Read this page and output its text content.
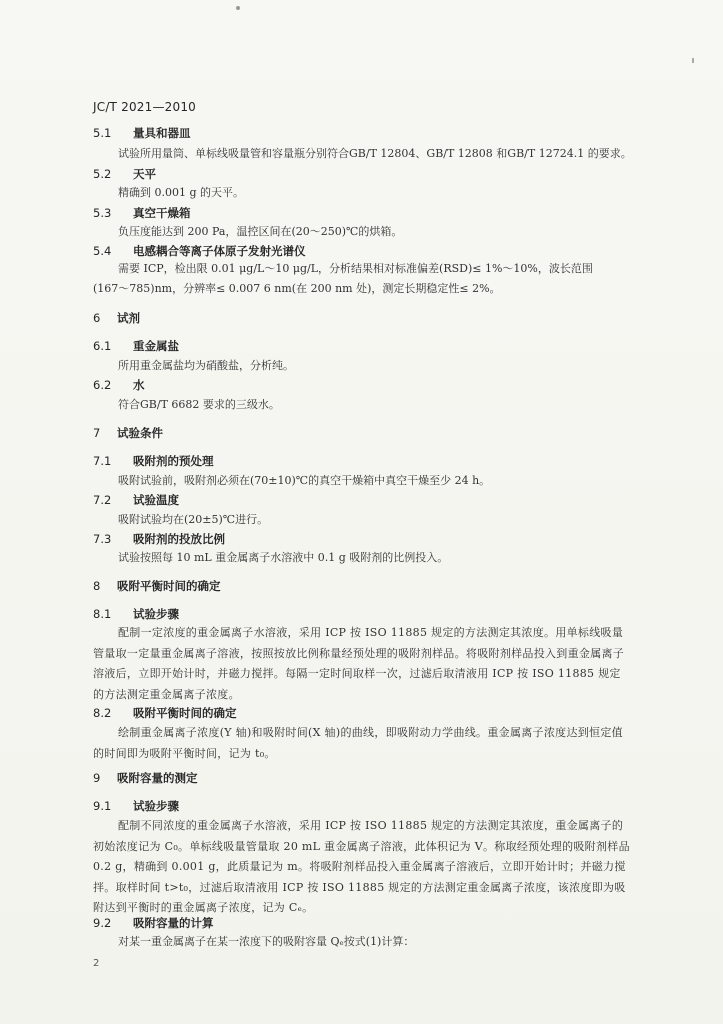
JC/T 2021—2010
5.1 量具和器皿
试验所用量筒、单标线吸量管和容量瓶分别符合GB/T 12804、GB/T 12808 和GB/T 12724.1 的要求。
5.2 天平
精确到 0.001 g 的天平。
5.3 真空干燥箱
负压度能达到 200 Pa，温控区间在(20～250)℃的烘箱。
5.4 电感耦合等离子体原子发射光谱仪
需要 ICP，检出限 0.01 μg/L～10 μg/L，分析结果相对标准偏差(RSD)≤ 1%～10%，波长范围
(167～785)nm，分辨率≤ 0.007 6 nm(在 200 nm 处)，测定长期稳定性≤ 2%。
6 试剂
6.1 重金属盐
所用重金属盐均为硝酸盐，分析纯。
6.2 水
符合GB/T 6682 要求的三级水。
7 试验条件
7.1 吸附剂的预处理
吸附试验前，吸附剂必须在(70±10)℃的真空干燥箱中真空干燥至少 24 h。
7.2 试验温度
吸附试验均在(20±5)℃进行。
7.3 吸附剂的投放比例
试验按照每 10 mL 重金属离子水溶液中 0.1 g 吸附剂的比例投入。
8 吸附平衡时间的确定
8.1 试验步骤
配制一定浓度的重金属离子水溶液，采用 ICP 按 ISO 11885 规定的方法测定其浓度。用单标线吸量管量取一定量重金属离子溶液，按照按放比例称量经预处理的吸附剂样品。将吸附剂样品投入到重金属离子溶液后，立即开始计时，并磁力搅拌。每隔一定时间取样一次，过滤后取清液用 ICP 按 ISO 11885 规定的方法测定重金属离子浓度。
8.2 吸附平衡时间的确定
绘制重金属离子浓度(Y 轴)和吸附时间(X 轴)的曲线，即吸附动力学曲线。重金属离子浓度达到恒定值的时间即为吸附平衡时间，记为 t₀。
9 吸附容量的测定
9.1 试验步骤
配制不同浓度的重金属离子水溶液，采用 ICP 按 ISO 11885 规定的方法测定其浓度，重金属离子的初始浓度记为 C₀。单标线吸量管量取 20 mL 重金属离子溶液，此体积记为 V。称取经预处理的吸附剂样品 0.2 g，精确到 0.001 g，此质量记为 m。将吸附剂样品投入重金属离子溶液后，立即开始计时；并磁力搅拌。取样时间 t>t₀，过滤后取清液用 ICP 按 ISO 11885 规定的方法测定重金属离子浓度，该浓度即为吸附达到平衡时的重金属离子浓度，记为 Cₑ。
9.2 吸附容量的计算
对某一重金属离子在某一浓度下的吸附容量 Qₑ按式(1)计算：
2
